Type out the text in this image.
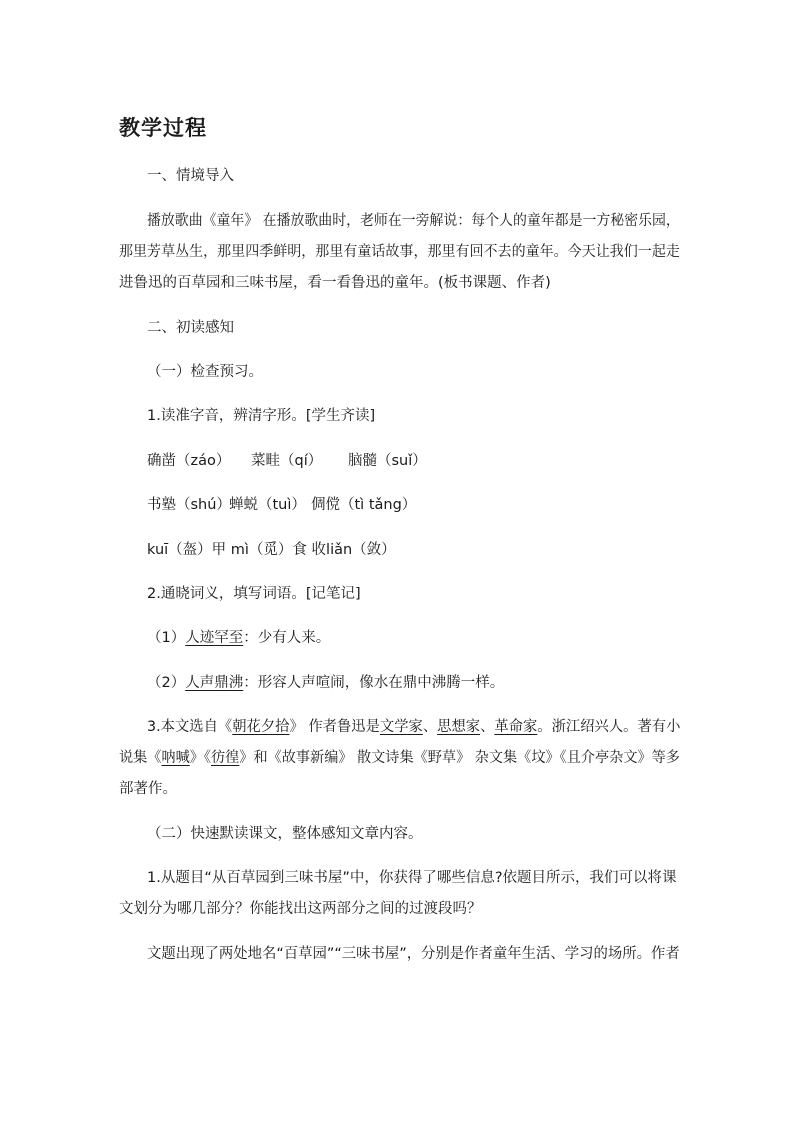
教学过程
一、情境导入
播放歌曲《童年》 在播放歌曲时，老师在一旁解说：每个人的童年都是一方秘密乐园，
那里芳草丛生，那里四季鲜明，那里有童话故事，那里有回不去的童年。今天让我们一起走
进鲁迅的百草园和三味书屋，看一看鲁迅的童年。(板书课题、作者)
二、初读感知
（一）检查预习。
1.读准字音，辨清字形。[学生齐读]
确凿（záo） 菜畦（qí） 脑髓（suǐ）
书塾（shú）蝉蜕（tuì） 倜傥（tì tǎng）
kuī（盔）甲 mì（觅）食 收liǎn（敛）
2.通晓词义，填写词语。[记笔记]
（1）人迹罕至：少有人来。
（2）人声鼎沸：形容人声喧闹，像水在鼎中沸腾一样。
3.本文选自《朝花夕拾》 作者鲁迅是文学家、思想家、革命家。浙江绍兴人。著有小
说集《呐喊》《彷徨》和《故事新编》 散文诗集《野草》 杂文集《坟》《且介亭杂文》等多
部著作。
（二）快速默读课文，整体感知文章内容。
1.从题目“从百草园到三味书屋”中，你获得了哪些信息?依题目所示，我们可以将课
文划分为哪几部分？你能找出这两部分之间的过渡段吗？
文题出现了两处地名“百草园”“三味书屋”，分别是作者童年生活、学习的场所。作者
